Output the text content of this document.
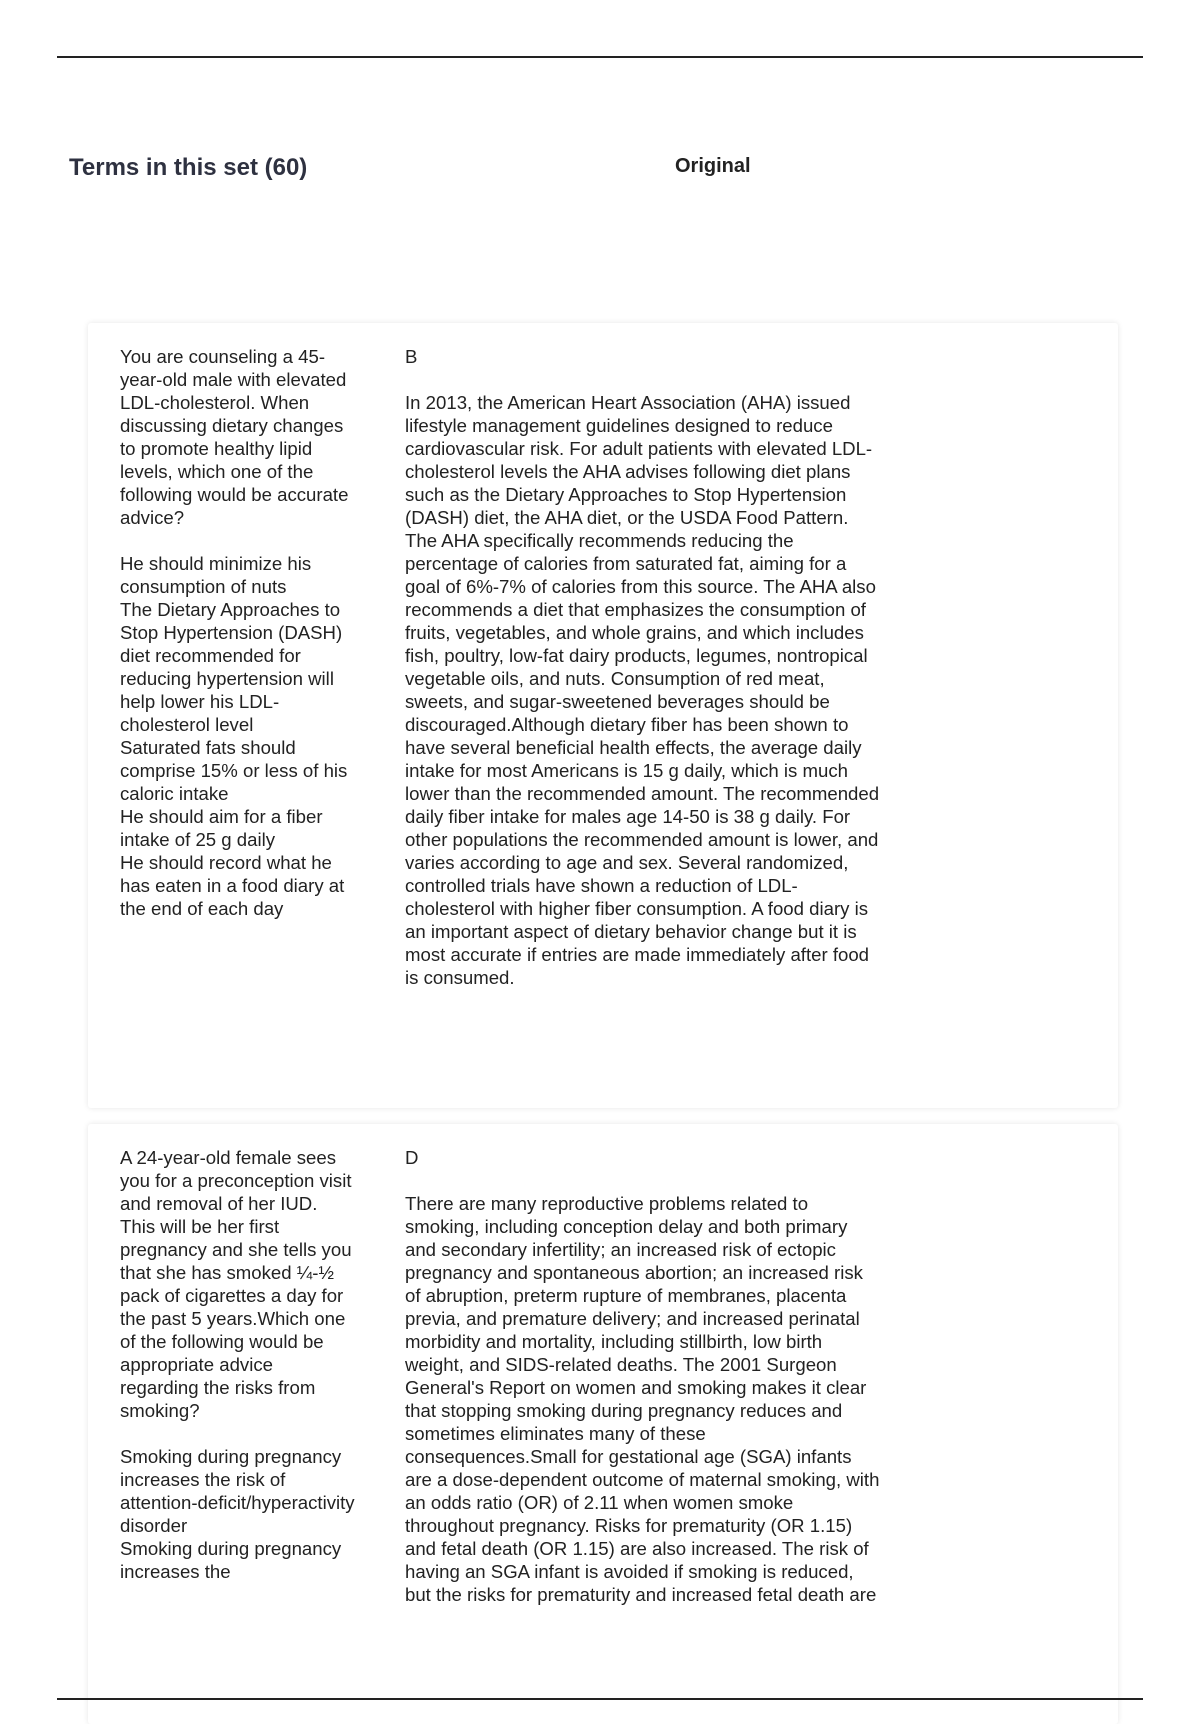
Terms in this set (60)	Original
You are counseling a 45-year-old male with elevated LDL-cholesterol. When discussing dietary changes to promote healthy lipid levels, which one of the following would be accurate advice?

He should minimize his consumption of nuts
The Dietary Approaches to Stop Hypertension (DASH) diet recommended for reducing hypertension will help lower his LDL-cholesterol level
Saturated fats should comprise 15% or less of his caloric intake
He should aim for a fiber intake of 25 g daily
He should record what he has eaten in a food diary at the end of each day
B
In 2013, the American Heart Association (AHA) issued lifestyle management guidelines designed to reduce cardiovascular risk. For adult patients with elevated LDL-cholesterol levels the AHA advises following diet plans such as the Dietary Approaches to Stop Hypertension (DASH) diet, the AHA diet, or the USDA Food Pattern. The AHA specifically recommends reducing the percentage of calories from saturated fat, aiming for a goal of 6%-7% of calories from this source. The AHA also recommends a diet that emphasizes the consumption of fruits, vegetables, and whole grains, and which includes fish, poultry, low-fat dairy products, legumes, nontropical vegetable oils, and nuts. Consumption of red meat, sweets, and sugar-sweetened beverages should be discouraged.Although dietary fiber has been shown to have several beneficial health effects, the average daily intake for most Americans is 15 g daily, which is much lower than the recommended amount. The recommended daily fiber intake for males age 14-50 is 38 g daily. For other populations the recommended amount is lower, and varies according to age and sex. Several randomized, controlled trials have shown a reduction of LDL-cholesterol with higher fiber consumption. A food diary is an important aspect of dietary behavior change but it is most accurate if entries are made immediately after food is consumed.
A 24-year-old female sees you for a preconception visit and removal of her IUD. This will be her first pregnancy and she tells you that she has smoked ¼-½ pack of cigarettes a day for the past 5 years.Which one of the following would be appropriate advice regarding the risks from smoking?

Smoking during pregnancy increases the risk of attention-deficit/hyperactivity disorder
Smoking during pregnancy increases the
D
There are many reproductive problems related to smoking, including conception delay and both primary and secondary infertility; an increased risk of ectopic pregnancy and spontaneous abortion; an increased risk of abruption, preterm rupture of membranes, placenta previa, and premature delivery; and increased perinatal morbidity and mortality, including stillbirth, low birth weight, and SIDS-related deaths. The 2001 Surgeon General's Report on women and smoking makes it clear that stopping smoking during pregnancy reduces and sometimes eliminates many of these consequences.Small for gestational age (SGA) infants are a dose-dependent outcome of maternal smoking, with an odds ratio (OR) of 2.11 when women smoke throughout pregnancy. Risks for prematurity (OR 1.15) and fetal death (OR 1.15) are also increased. The risk of having an SGA infant is avoided if smoking is reduced, but the risks for prematurity and increased fetal death are
